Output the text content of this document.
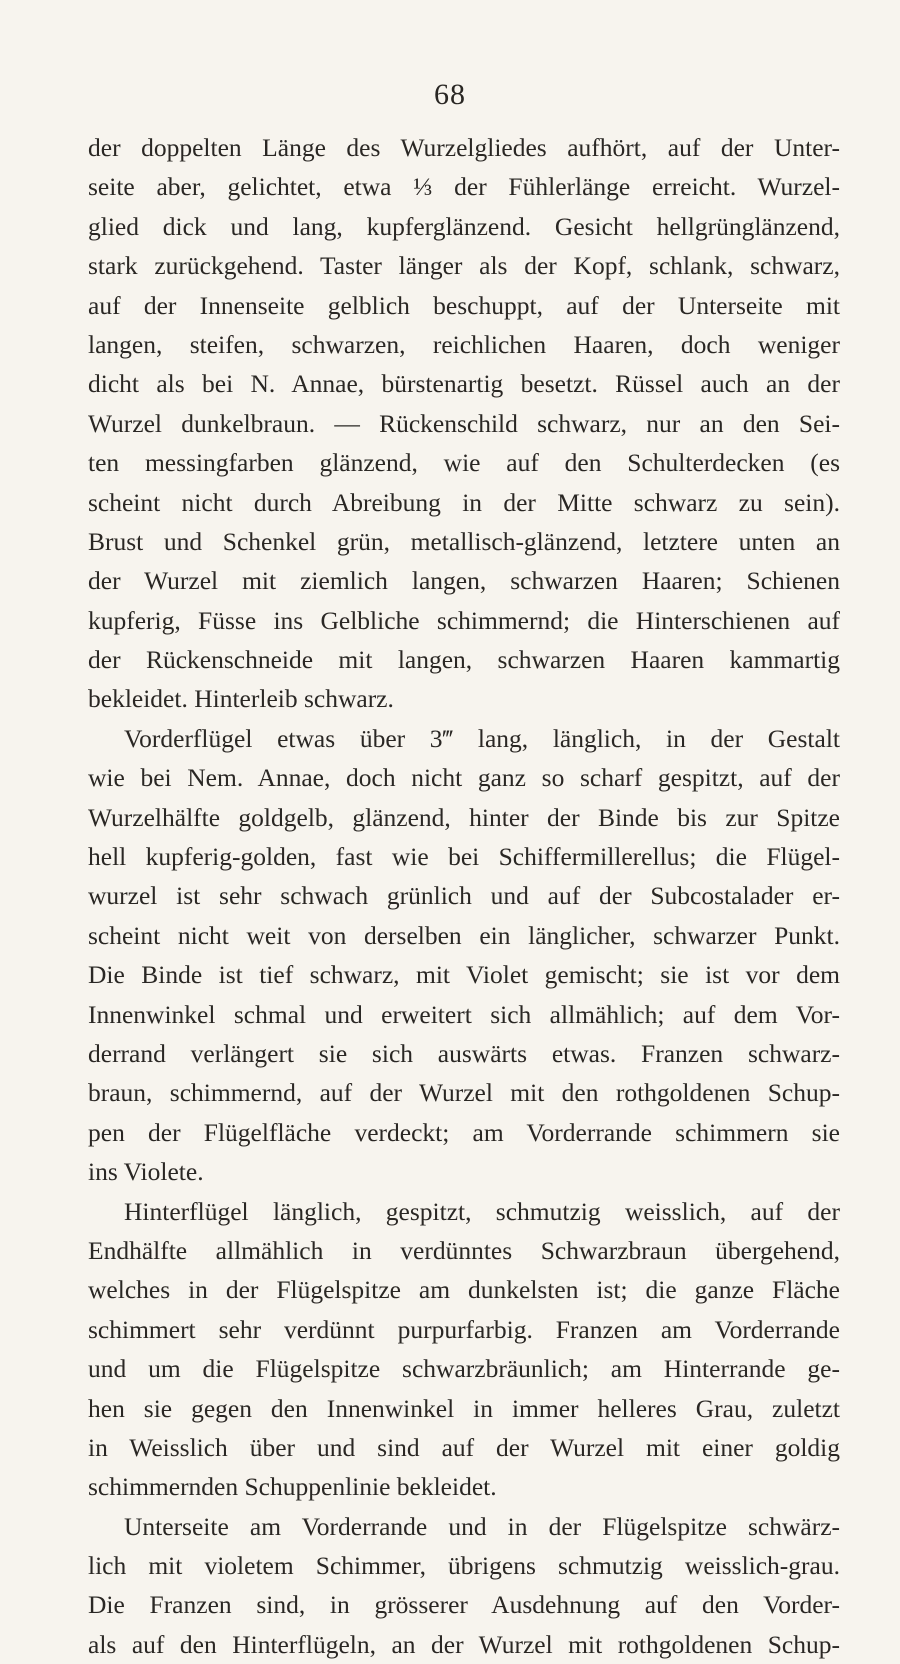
68
der doppelten Länge des Wurzelgliedes aufhört, auf der Unter-
seite aber, gelichtet, etwa ⅓ der Fühlerlänge erreicht. Wurzel-
glied dick und lang, kupferglänzend. Gesicht hellgrünglänzend,
stark zurückgehend. Taster länger als der Kopf, schlank, schwarz,
auf der Innenseite gelblich beschuppt, auf der Unterseite mit
langen, steifen, schwarzen, reichlichen Haaren, doch weniger
dicht als bei N. Annae, bürstenartig besetzt. Rüssel auch an der
Wurzel dunkelbraun. — Rückenschild schwarz, nur an den Sei-
ten messingfarben glänzend, wie auf den Schulterdecken (es
scheint nicht durch Abreibung in der Mitte schwarz zu sein).
Brust und Schenkel grün, metallisch-glänzend, letztere unten an
der Wurzel mit ziemlich langen, schwarzen Haaren; Schienen
kupferig, Füsse ins Gelbliche schimmernd; die Hinterschienen auf
der Rückenschneide mit langen, schwarzen Haaren kammartig
bekleidet. Hinterleib schwarz.
Vorderflügel etwas über 3‴ lang, länglich, in der Gestalt
wie bei Nem. Annae, doch nicht ganz so scharf gespitzt, auf der
Wurzelhälfte goldgelb, glänzend, hinter der Binde bis zur Spitze
hell kupferig-golden, fast wie bei Schiffermillerellus; die Flügel-
wurzel ist sehr schwach grünlich und auf der Subcostalader er-
scheint nicht weit von derselben ein länglicher, schwarzer Punkt.
Die Binde ist tief schwarz, mit Violet gemischt; sie ist vor dem
Innenwinkel schmal und erweitert sich allmählich; auf dem Vor-
derrand verlängert sie sich auswärts etwas. Franzen schwarz-
braun, schimmernd, auf der Wurzel mit den rothgoldenen Schup-
pen der Flügelfläche verdeckt; am Vorderrande schimmern sie
ins Violete.
Hinterflügel länglich, gespitzt, schmutzig weisslich, auf der
Endhälfte allmählich in verdünntes Schwarzbraun übergehend,
welches in der Flügelspitze am dunkelsten ist; die ganze Fläche
schimmert sehr verdünnt purpurfarbig. Franzen am Vorderrande
und um die Flügelspitze schwarzbräunlich; am Hinterrande ge-
hen sie gegen den Innenwinkel in immer helleres Grau, zuletzt
in Weisslich über und sind auf der Wurzel mit einer goldig
schimmernden Schuppenlinie bekleidet.
Unterseite am Vorderrande und in der Flügelspitze schwärz-
lich mit violetem Schimmer, übrigens schmutzig weisslich-grau.
Die Franzen sind, in grösserer Ausdehnung auf den Vorder-
als auf den Hinterflügeln, an der Wurzel mit rothgoldenen Schup-
